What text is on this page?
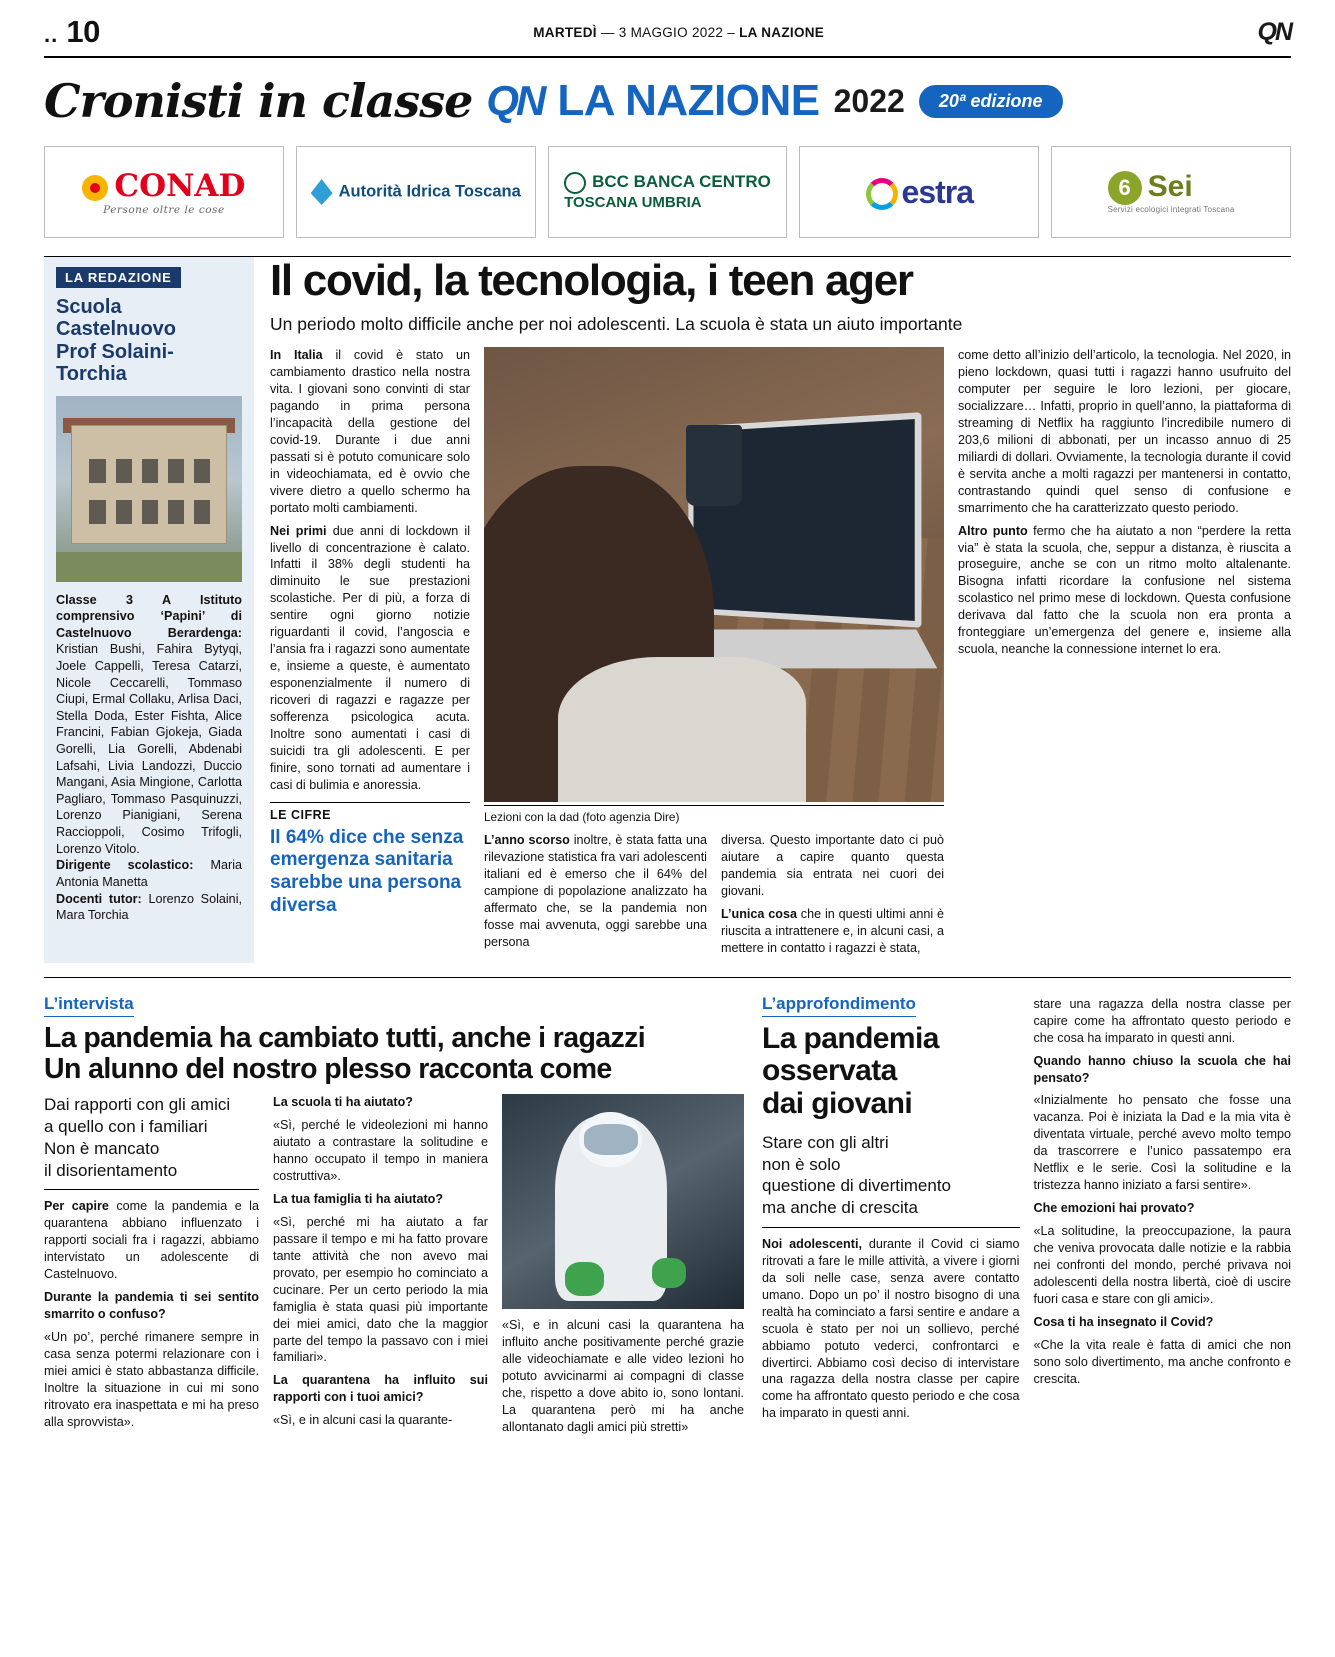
.. 10	MARTEDÌ — 3 MAGGIO 2022 – LA NAZIONE	QN
Cronisti in classe QN LA NAZIONE 2022	20ª edizione
CONAD
Persone oltre le cose
Autorità Idrica Toscana	BCC BANCA CENTRO
TOSCANA UMBRIA	estra	6 Sei
Servizi ecologici integrati Toscana
LA REDAZIONE
Scuola Castelnuovo
Prof Solaini-Torchia
Classe 3 A Istituto comprensivo ‘Papini’ di Castelnuovo Berardenga: Kristian Bushi, Fahira Bytyqi, Joele Cappelli, Teresa Catarzi, Nicole Ceccarelli, Tommaso Ciupi, Ermal Collaku, Arlisa Daci, Stella Doda, Ester Fishta, Alice Francini, Fabian Gjokeja, Giada Gorelli, Lia Gorelli, Abdenabi Lafsahi, Livia Landozzi, Duccio Mangani, Asia Mingione, Carlotta Pagliaro, Tommaso Pasquinuzzi, Lorenzo Pianigiani, Serena Raccioppoli, Cosimo Trifogli, Lorenzo Vitolo.
Dirigente scolastico: Maria Antonia Manetta
Docenti tutor: Lorenzo Solaini, Mara Torchia
Il covid, la tecnologia, i teen ager
Un periodo molto difficile anche per noi adolescenti. La scuola è stata un aiuto importante

In Italia il covid è stato un cambiamento drastico nella nostra vita. I giovani sono convinti di star pagando in prima persona l’incapacità della gestione del covid-19. Durante i due anni passati si è potuto comunicare solo in videochiamata, ed è ovvio che vivere dietro a quello schermo ha portato molti cambiamenti.

Nei primi due anni di lockdown il livello di concentrazione è calato. Infatti il 38% degli studenti ha diminuito le sue prestazioni scolastiche. Per di più, a forza di sentire ogni giorno notizie riguardanti il covid, l’angoscia e l’ansia fra i ragazzi sono aumentate e, insieme a queste, è aumentato esponenzialmente il numero di ricoveri di ragazzi e ragazze per sofferenza psicologica acuta. Inoltre sono aumentati i casi di suicidi tra gli adolescenti. E per finire, sono tornati ad aumentare i casi di bulimia e anoressia.

LE CIFRE
Il 64% dice che senza emergenza sanitaria sarebbe una persona diversa
Lezioni con la dad (foto agenzia Dire)

L’anno scorso inoltre, è stata fatta una rilevazione statistica fra vari adolescenti italiani ed è emerso che il 64% del campione di popolazione analizzato ha affermato che, se la pandemia non fosse mai avvenuta, oggi sarebbe una persona

diversa. Questo importante dato ci può aiutare a capire quanto questa pandemia sia entrata nei cuori dei giovani.

L’unica cosa che in questi ultimi anni è riuscita a intrattenere e, in alcuni casi, a mettere in contatto i ragazzi è stata,

come detto all’inizio dell’articolo, la tecnologia. Nel 2020, in pieno lockdown, quasi tutti i ragazzi hanno usufruito del computer per seguire le loro lezioni, per giocare, socializzare… Infatti, proprio in quell’anno, la piattaforma di streaming di Netflix ha raggiunto l’incredibile numero di 203,6 milioni di abbonati, per un incasso annuo di 25 miliardi di dollari. Ovviamente, la tecnologia durante il covid è servita anche a molti ragazzi per mantenersi in contatto, contrastando quindi quel senso di confusione e smarrimento che ha caratterizzato questo periodo.

Altro punto fermo che ha aiutato a non “perdere la retta via” è stata la scuola, che, seppur a distanza, è riuscita a proseguire, anche se con un ritmo molto altalenante. Bisogna infatti ricordare la confusione nel sistema scolastico nel primo mese di lockdown. Questa confusione derivava dal fatto che la scuola non era pronta a fronteggiare un’emergenza del genere e, insieme alla scuola, neanche la connessione internet lo era.

L’intervista
La pandemia ha cambiato tutti, anche i ragazzi
Un alunno del nostro plesso racconta come
Dai rapporti con gli amici
a quello con i familiari
Non è mancato
il disorientamento

Per capire come la pandemia e la quarantena abbiano influenzato i rapporti sociali fra i ragazzi, abbiamo intervistato un adolescente di Castelnuovo.

Durante la pandemia ti sei sentito smarrito o confuso?

«Un po’, perché rimanere sempre in casa senza potermi relazionare con i miei amici è stato abbastanza difficile. Inoltre la situazione in cui mi sono ritrovato era inaspettata e mi ha preso alla sprovvista».

La scuola ti ha aiutato?

«Sì, perché le videolezioni mi hanno aiutato a contrastare la solitudine e hanno occupato il tempo in maniera costruttiva».

La tua famiglia ti ha aiutato?

«Sì, perché mi ha aiutato a far passare il tempo e mi ha fatto provare tante attività che non avevo mai provato, per esempio ho cominciato a cucinare. Per un certo periodo la mia famiglia è stata quasi più importante dei miei amici, dato che la maggior parte del tempo la passavo con i miei familiari».

La quarantena ha influito sui rapporti con i tuoi amici?

«Sì, e in alcuni casi la quarante-

«Sì, e in alcuni casi la quarantena ha influito anche positivamente perché grazie alle videochiamate e alle video lezioni ho potuto avvicinarmi ai compagni di classe che, rispetto a dove abito io, sono lontani. La quarantena però mi ha anche allontanato dagli amici più stretti»

L’approfondimento
La pandemia
osservata
dai giovani
Stare con gli altri
non è solo
questione di divertimento
ma anche di crescita

Noi adolescenti, durante il Covid ci siamo ritrovati a fare le mille attività, a vivere i giorni da soli nelle case, senza avere contatto umano. Dopo un po’ il nostro bisogno di una realtà ha cominciato a farsi sentire e andare a scuola è stato per noi un sollievo, perché abbiamo potuto vederci, confrontarci e divertirci. Abbiamo così deciso di intervistare una ragazza della nostra classe per capire come ha affrontato questo periodo e che cosa ha imparato in questi anni.

stare una ragazza della nostra classe per capire come ha affrontato questo periodo e che cosa ha imparato in questi anni.

Quando hanno chiuso la scuola che hai pensato?

«Inizialmente ho pensato che fosse una vacanza. Poi è iniziata la Dad e la mia vita è diventata virtuale, perché avevo molto tempo da trascorrere e l’unico passatempo era Netflix e le serie. Così la solitudine e la tristezza hanno iniziato a farsi sentire».

Che emozioni hai provato?

«La solitudine, la preoccupazione, la paura che veniva provocata dalle notizie e la rabbia nei confronti del mondo, perché privava noi adolescenti della nostra libertà, cioè di uscire fuori casa e stare con gli amici».

Cosa ti ha insegnato il Covid?

«Che la vita reale è fatta di amici che non sono solo divertimento, ma anche confronto e crescita.
